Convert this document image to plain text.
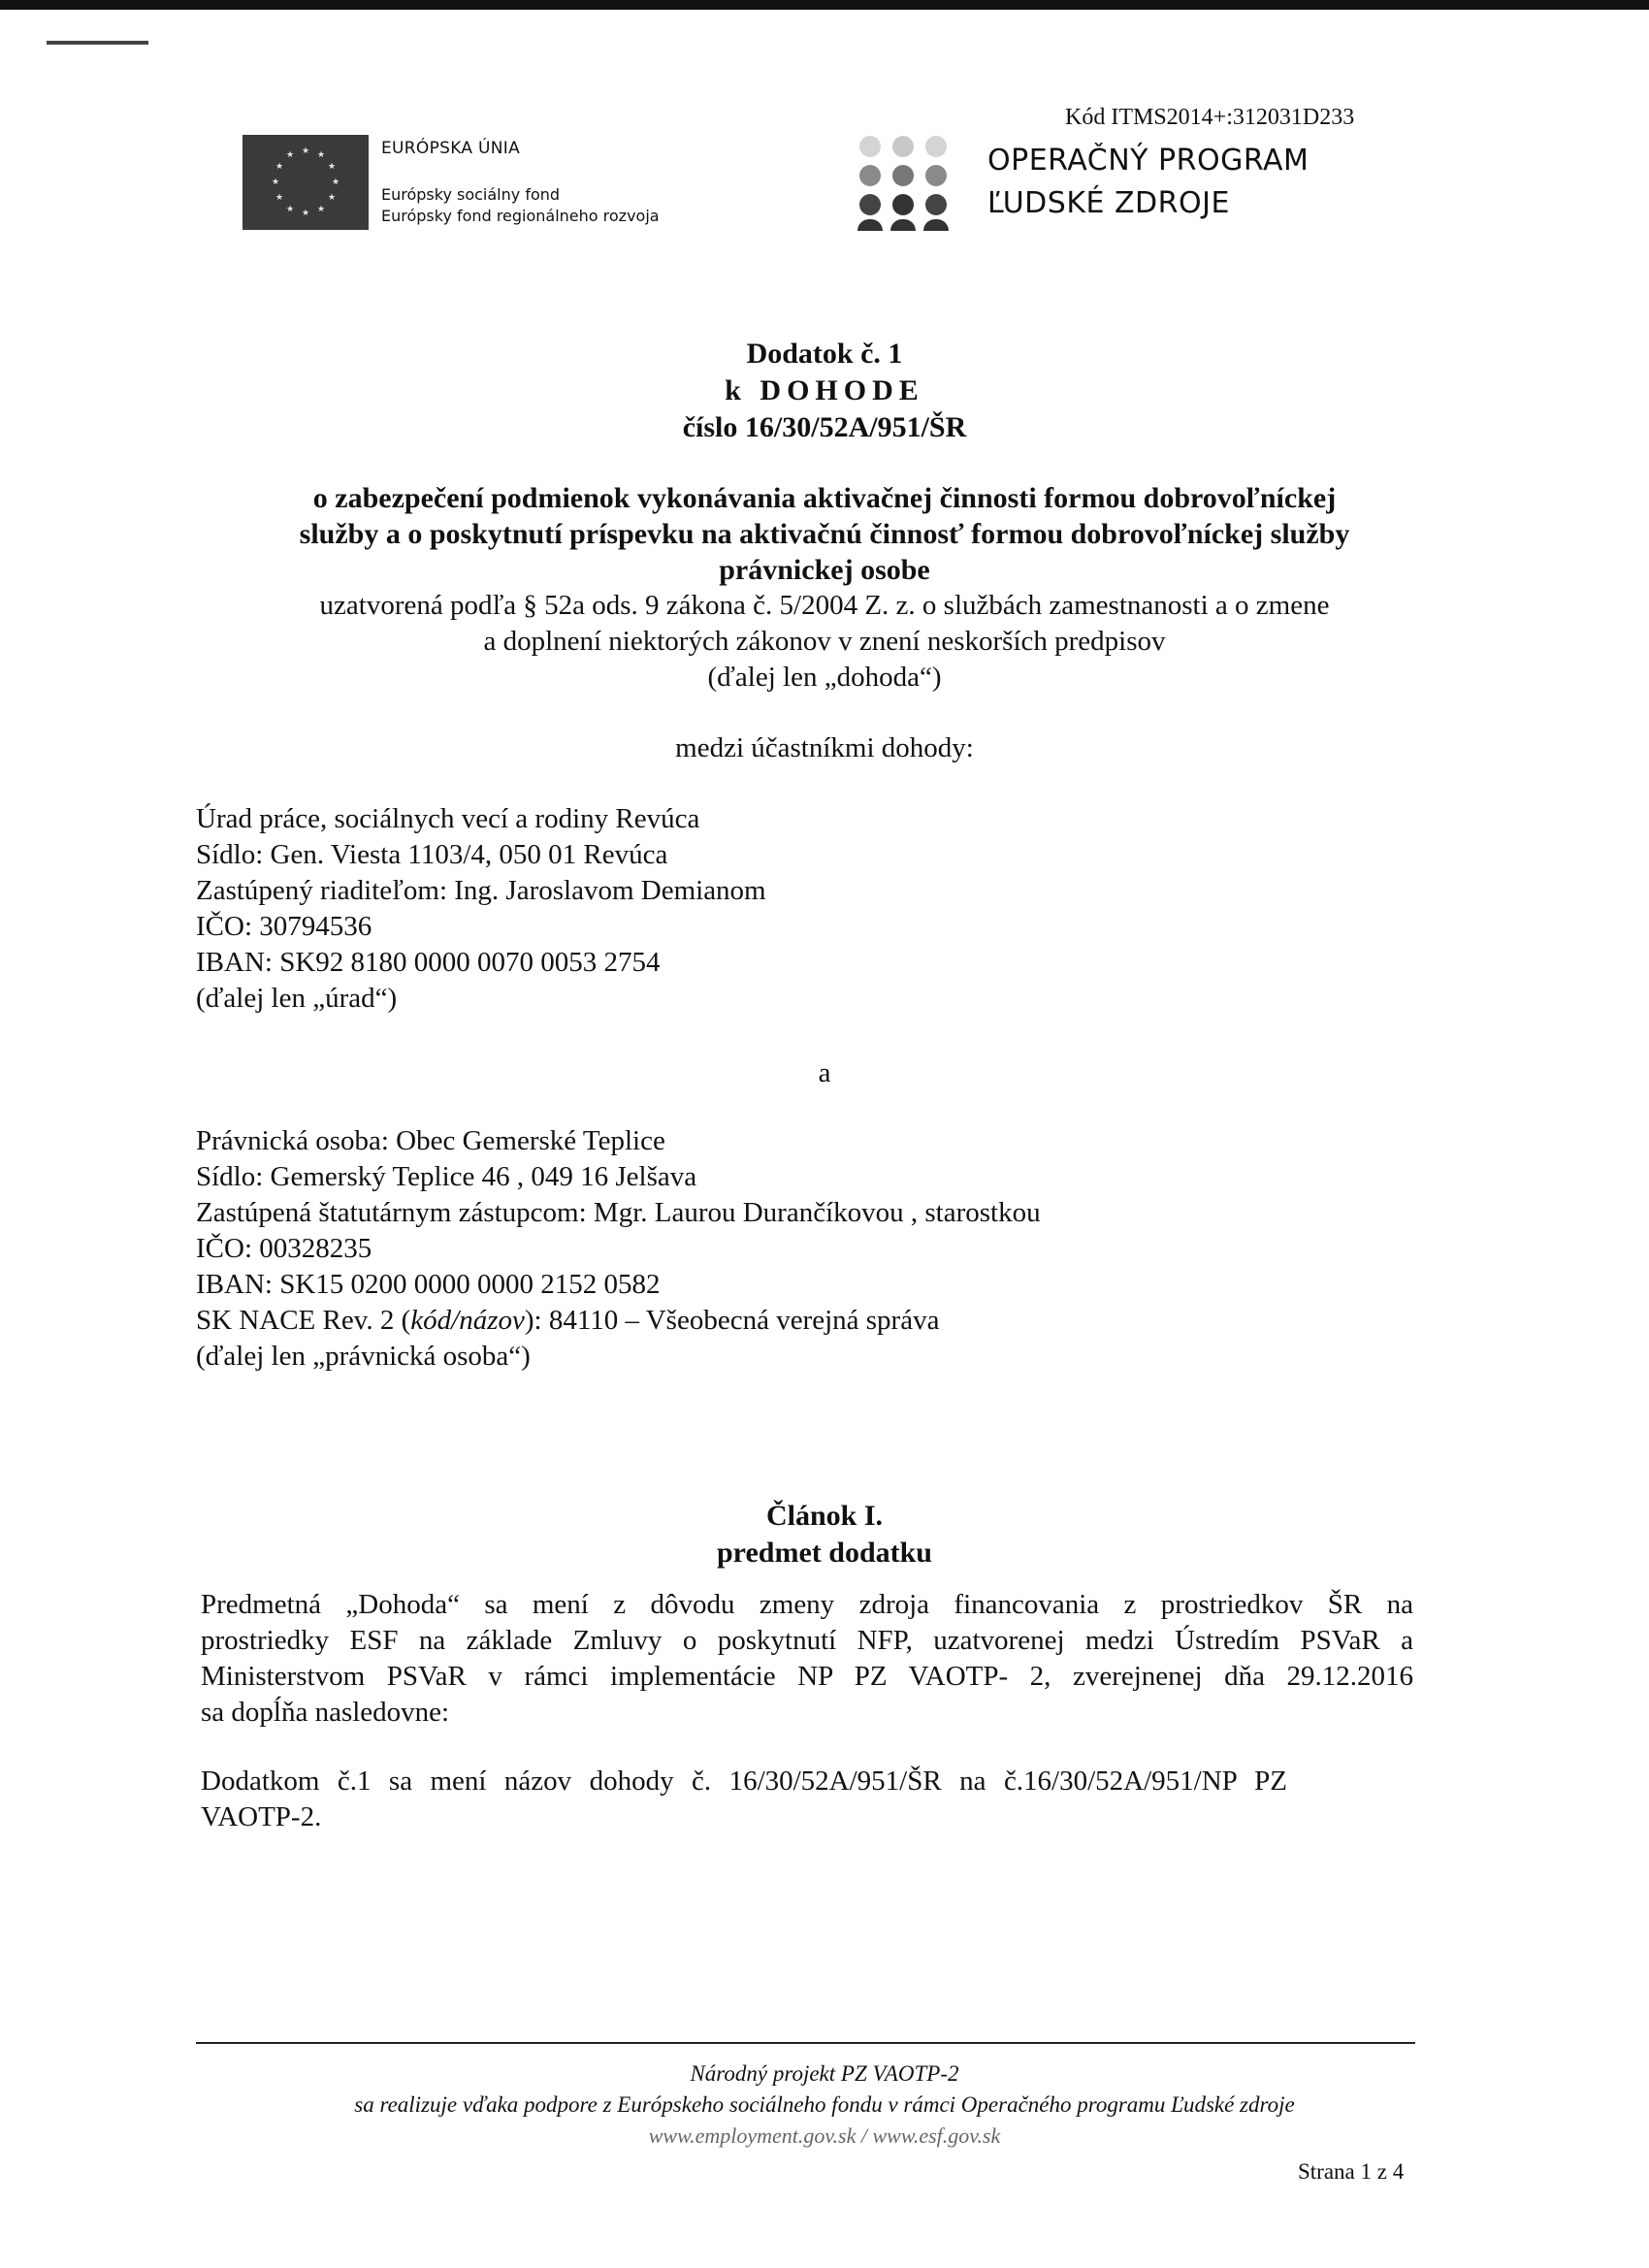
★ ★
★
★
★
★
★
★
★
★
★
★	EURÓPSKA ÚNIA
Európsky sociálny fond
Európsky fond regionálneho rozvoja
Kód ITMS2014+:312031D233
OPERAČNÝ PROGRAM
ĽUDSKÉ ZDROJE
Dodatok č. 1
k DOHODE
číslo 16/30/52A/951/ŠR
o zabezpečení podmienok vykonávania aktivačnej činnosti formou dobrovoľníckej
služby a o poskytnutí príspevku na aktivačnú činnosť formou dobrovoľníckej služby
právnickej osobe
uzatvorená podľa § 52a ods. 9 zákona č. 5/2004 Z. z. o službách zamestnanosti a o zmene
a doplnení niektorých zákonov v znení neskorších predpisov
(ďalej len „dohoda“)
medzi účastníkmi dohody:
Úrad práce, sociálnych vecí a rodiny Revúca
Sídlo: Gen. Viesta 1103/4, 050 01 Revúca
Zastúpený riaditeľom: Ing. Jaroslavom Demianom
IČO: 30794536
IBAN: SK92 8180 0000 0070 0053 2754
(ďalej len „úrad“)
a
Právnická osoba: Obec Gemerské Teplice
Sídlo: Gemerský Teplice 46 , 049 16 Jelšava
Zastúpená štatutárnym zástupcom: Mgr. Laurou Durančíkovou , starostkou
IČO: 00328235
IBAN: SK15 0200 0000 0000 2152 0582
SK NACE Rev. 2 (kód/názov): 84110 – Všeobecná verejná správa
(ďalej len „právnická osoba“)
Článok I.
predmet dodatku
Predmetná „Dohoda“ sa mení z dôvodu zmeny zdroja financovania z prostriedkov ŠR na
prostriedky ESF na základe Zmluvy o poskytnutí NFP, uzatvorenej medzi Ústredím PSVaR a
Ministerstvom PSVaR v rámci implementácie NP PZ VAOTP- 2, zverejnenej dňa 29.12.2016
sa dopĺňa nasledovne:
Dodatkom č.1 sa mení názov dohody č. 16/30/52A/951/ŠR na č.16/30/52A/951/NP PZ
VAOTP-2.
Národný projekt PZ VAOTP-2
sa realizuje vďaka podpore z Európskeho sociálneho fondu v rámci Operačného programu Ľudské zdroje
www.employment.gov.sk / www.esf.gov.sk
Strana 1 z 4
